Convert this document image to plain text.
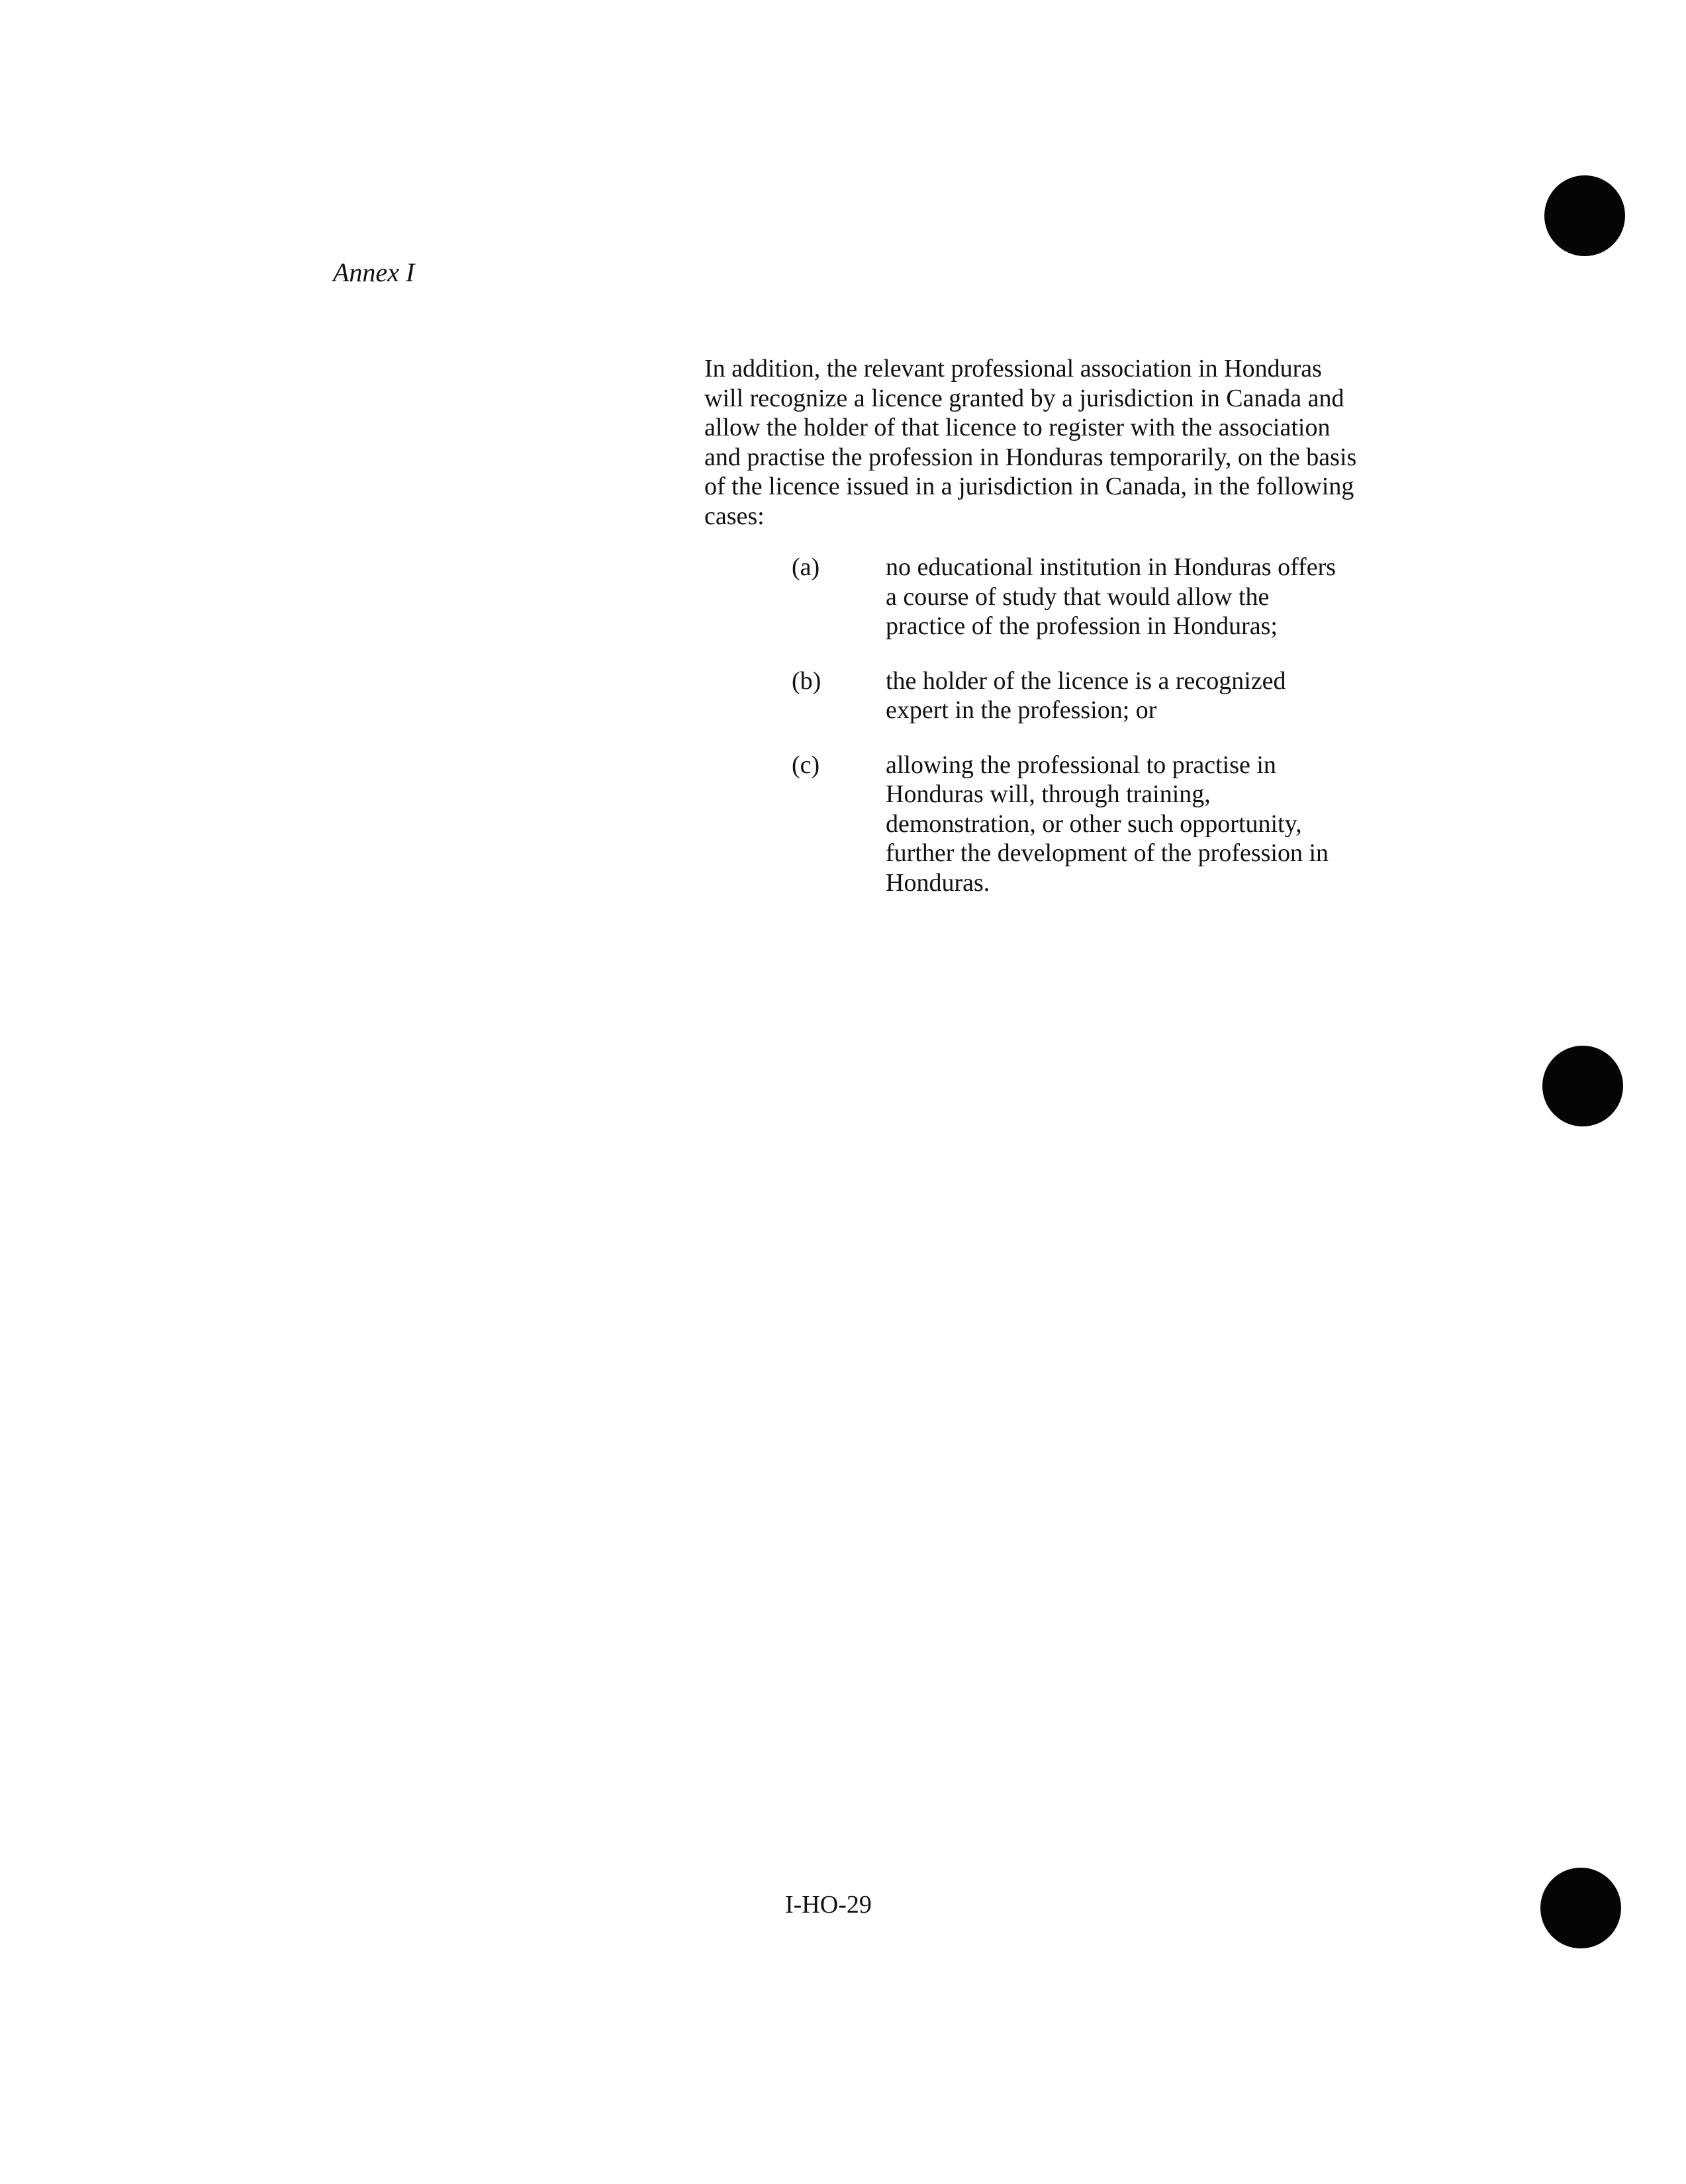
Annex I

In addition, the relevant professional association in Honduras
will recognize a licence granted by a jurisdiction in Canada and
allow the holder of that licence to register with the association
and practise the profession in Honduras temporarily, on the basis
of the licence issued in a jurisdiction in Canada, in the following
cases:

(a)	no educational institution in Honduras offers
a course of study that would allow the
practice of the profession in Honduras;
(b)	the holder of the licence is a recognized
expert in the profession; or
(c)	allowing the professional to practise in
Honduras will, through training,
demonstration, or other such opportunity,
further the development of the profession in
Honduras.
I-HO-29
